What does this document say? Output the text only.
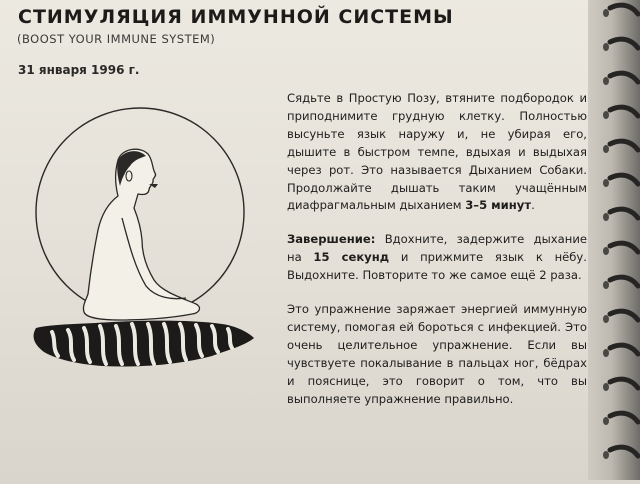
СТИМУЛЯЦИЯ ИММУННОЙ СИСТЕМЫ
(BOOST YOUR IMMUNE SYSTEM)
31 января 1996 г.

Сядьте в Простую Позу, втяните подбородок и приподнимите грудную клетку. Полностью высуньте язык наружу и, не убирая его, дышите в быстром темпе, вдыхая и выдыхая через рот. Это называется Дыханием Собаки. Продолжайте дышать таким учащённым диафрагмальным дыханием 3–5 минут.

Завершение: Вдохните, задержите дыхание на 15 секунд и прижмите язык к нёбу. Выдохните. Повторите то же самое ещё 2 раза.

Это упражнение заряжает энергией иммунную систему, помогая ей бороться с инфекцией. Это очень целительное упражнение. Если вы чувствуете покалывание в пальцах ног, бёдрах и пояснице, это говорит о том, что вы выполняете упражнение правильно.
